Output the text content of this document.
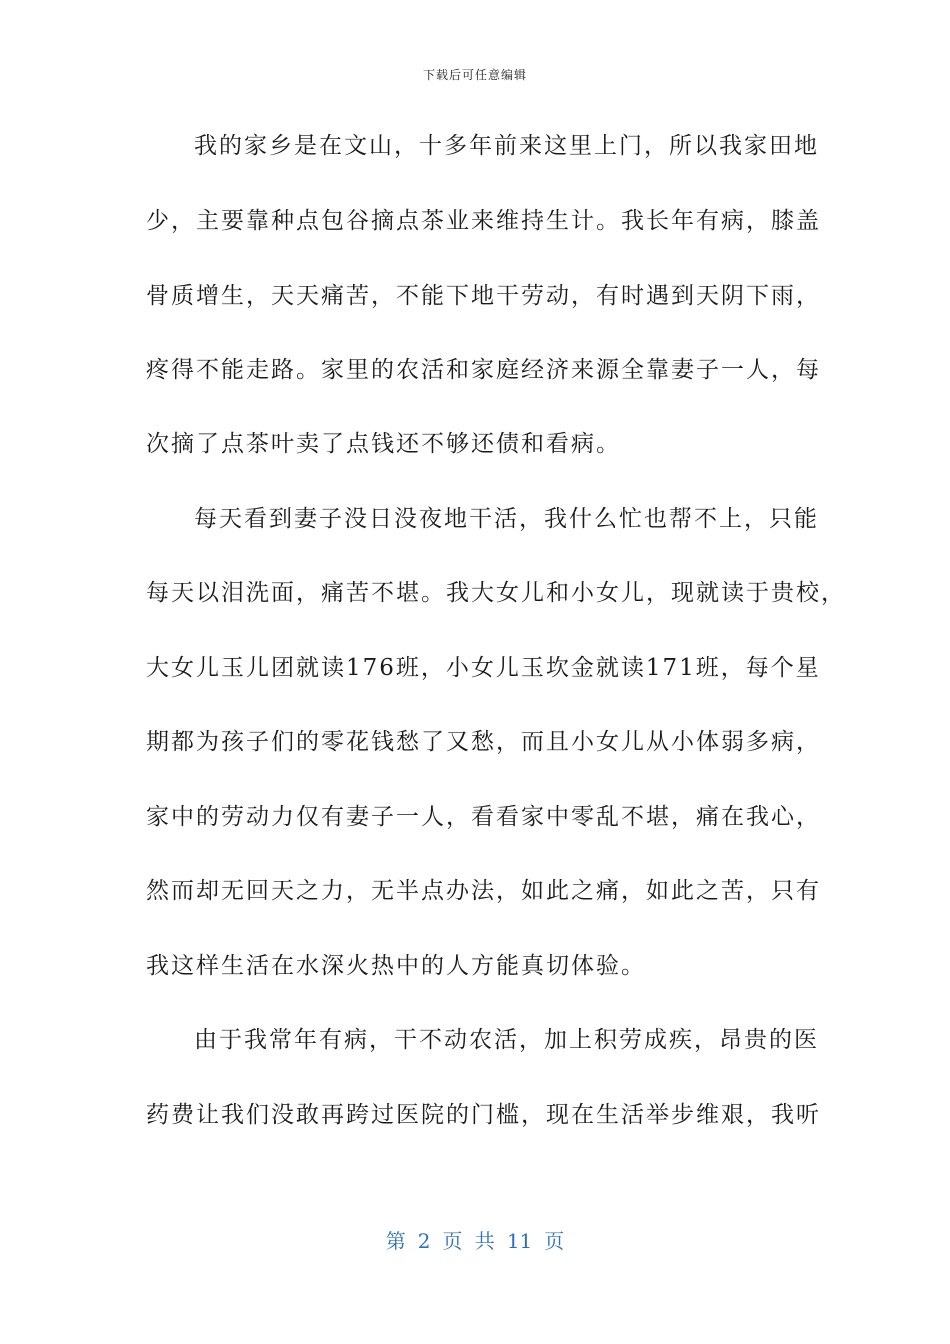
下载后可任意编辑
我的家乡是在文山，十多年前来这里上门，所以我家田地
少，主要靠种点包谷摘点茶业来维持生计。我长年有病，膝盖
骨质增生，天天痛苦，不能下地干劳动，有时遇到天阴下雨，
疼得不能走路。家里的农活和家庭经济来源全靠妻子一人，每
次摘了点茶叶卖了点钱还不够还债和看病。
每天看到妻子没日没夜地干活，我什么忙也帮不上，只能
每天以泪洗面，痛苦不堪。我大女儿和小女儿，现就读于贵校，
大女儿玉儿团就读176班，小女儿玉坎金就读171班，每个星
期都为孩子们的零花钱愁了又愁，而且小女儿从小体弱多病，
家中的劳动力仅有妻子一人，看看家中零乱不堪，痛在我心，
然而却无回天之力，无半点办法，如此之痛，如此之苦，只有
我这样生活在水深火热中的人方能真切体验。
由于我常年有病，干不动农活，加上积劳成疾，昂贵的医
药费让我们没敢再跨过医院的门槛，现在生活举步维艰，我听
第 2 页 共 11 页
